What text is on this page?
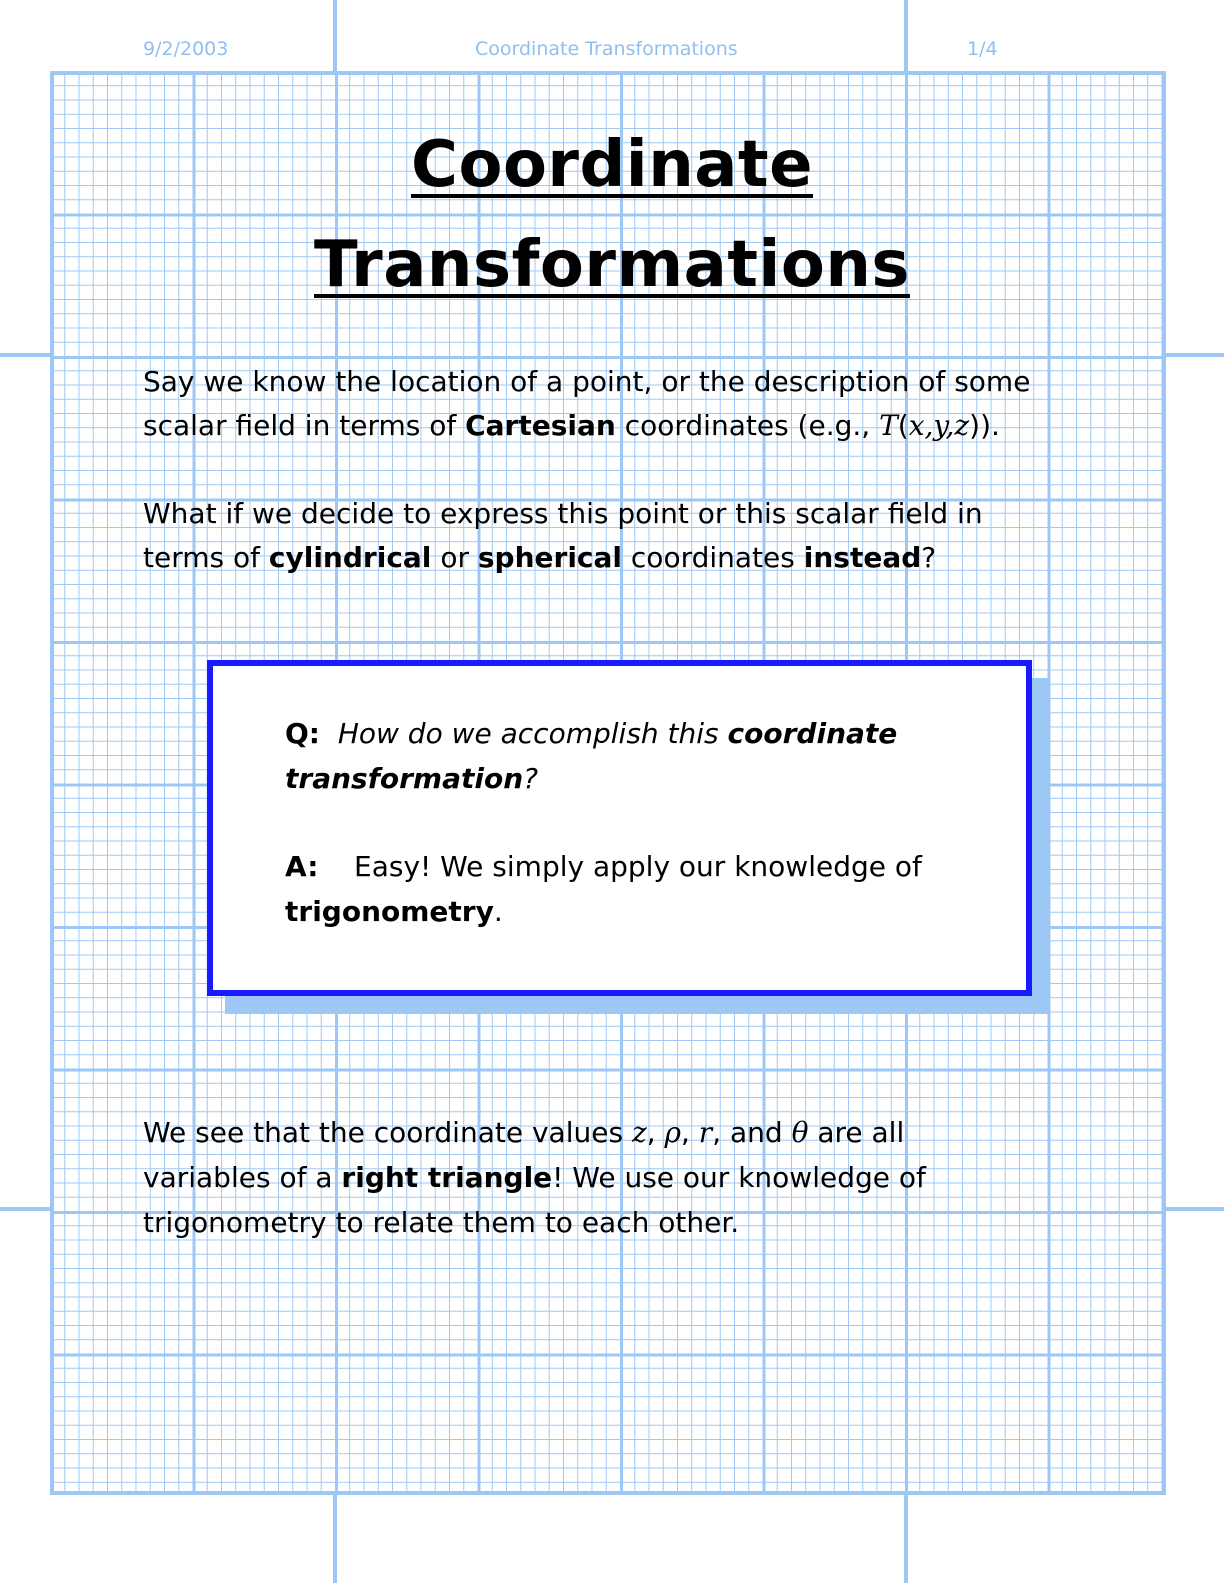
9/2/2003	Coordinate Transformations	1/4
Coordinate
Transformations
Say we know the location of a point, or the description of some
scalar field in terms of Cartesian coordinates (e.g., T(x,y,z)).
What if we decide to express this point or this scalar field in
terms of cylindrical or spherical coordinates instead?
Q: How do we accomplish this coordinate
transformation?
A: Easy! We simply apply our knowledge of
trigonometry.
We see that the coordinate values z, ρ, r, and θ are all
variables of a right triangle! We use our knowledge of
trigonometry to relate them to each other.
